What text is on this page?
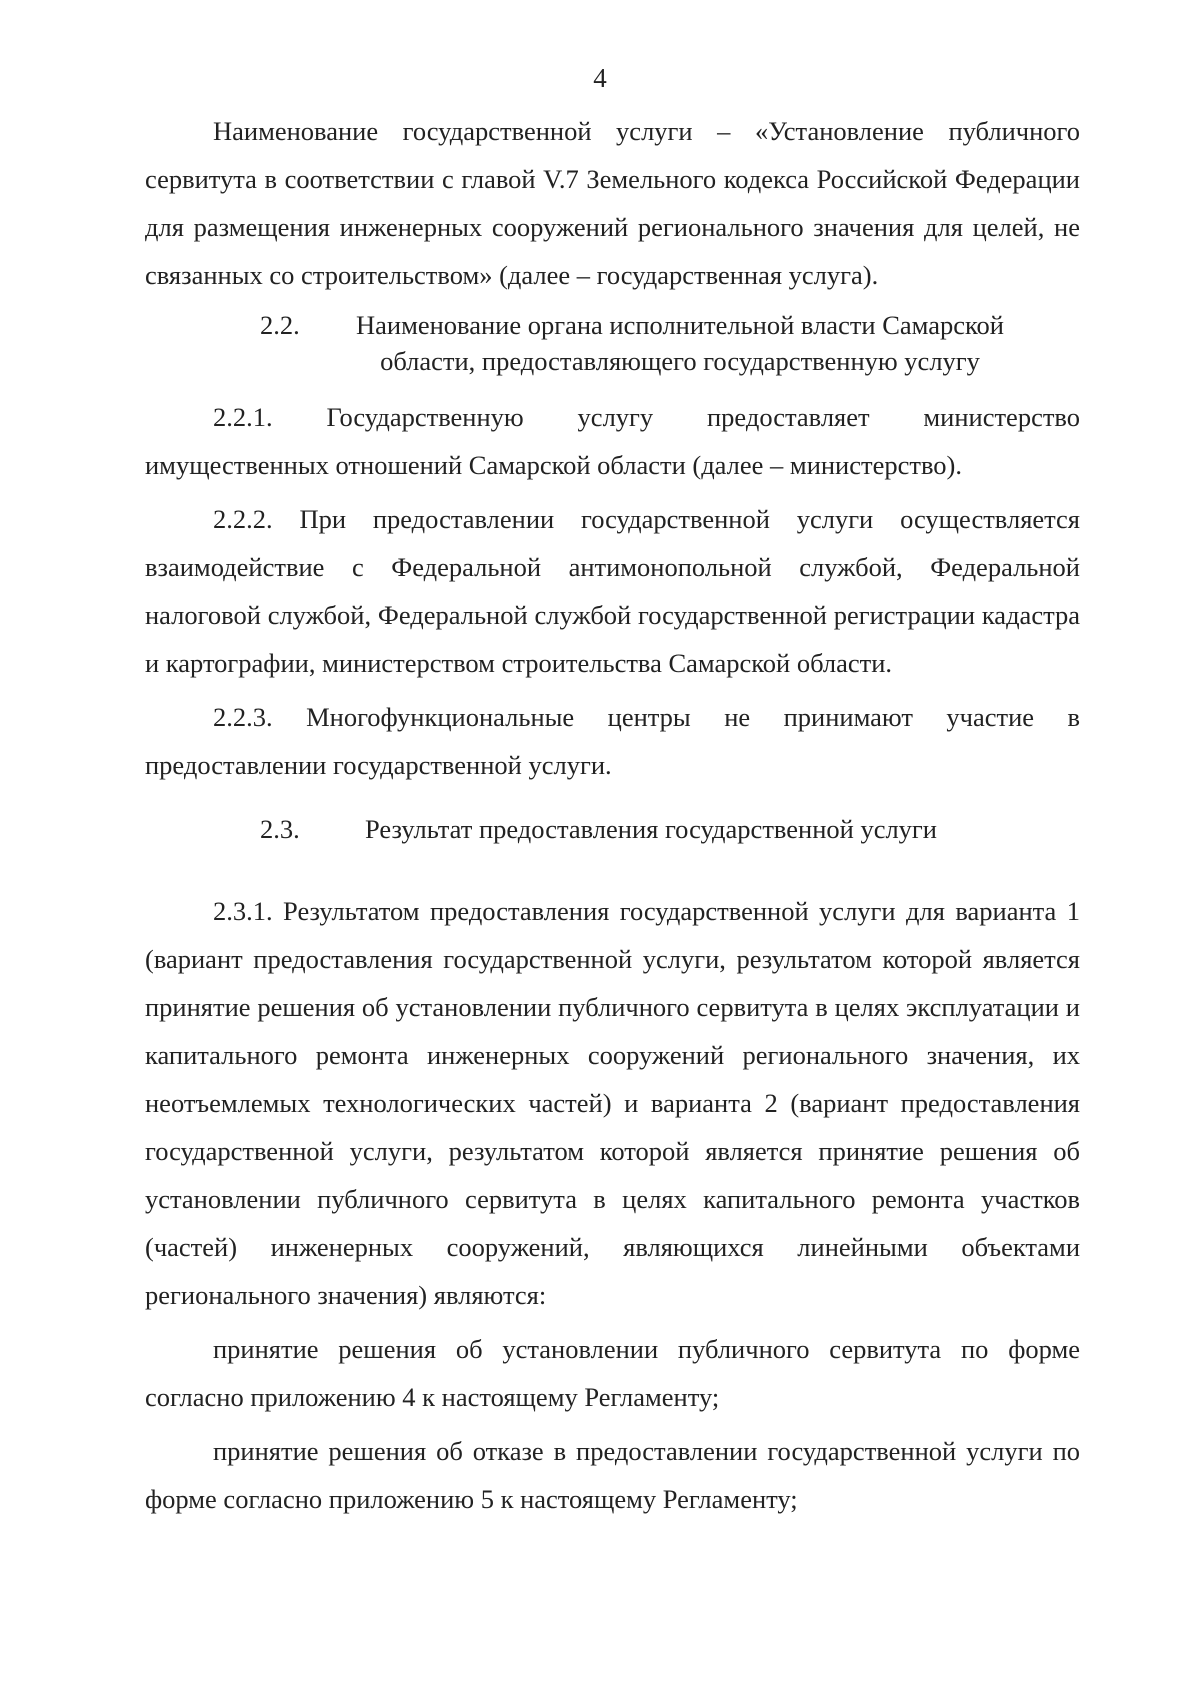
4

Наименование государственной услуги – «Установление публичного сервитута в соответствии с главой V.7 Земельного кодекса Российской Федерации для размещения инженерных сооружений регионального значения для целей, не связанных со строительством» (далее – государственная услуга).

2.2.	Наименование органа исполнительной власти Самарской области, предоставляющего государственную услугу

2.2.1. Государственную услугу предоставляет министерство имущественных отношений Самарской области (далее – министерство).

2.2.2. При предоставлении государственной услуги осуществляется взаимодействие с Федеральной антимонопольной службой, Федеральной налоговой службой, Федеральной службой государственной регистрации кадастра и картографии, министерством строительства Самарской области.

2.2.3. Многофункциональные центры не принимают участие в предоставлении государственной услуги.

2.3.	Результат предоставления государственной услуги

2.3.1. Результатом предоставления государственной услуги для варианта 1 (вариант предоставления государственной услуги, результатом которой является принятие решения об установлении публичного сервитута в целях эксплуатации и капитального ремонта инженерных сооружений регионального значения, их неотъемлемых технологических частей) и варианта 2 (вариант предоставления государственной услуги, результатом которой является принятие решения об установлении публичного сервитута в целях капитального ремонта участков (частей) инженерных сооружений, являющихся линейными объектами регионального значения) являются:

принятие решения об установлении публичного сервитута по форме согласно приложению 4 к настоящему Регламенту;

принятие решения об отказе в предоставлении государственной услуги по форме согласно приложению 5 к настоящему Регламенту;
